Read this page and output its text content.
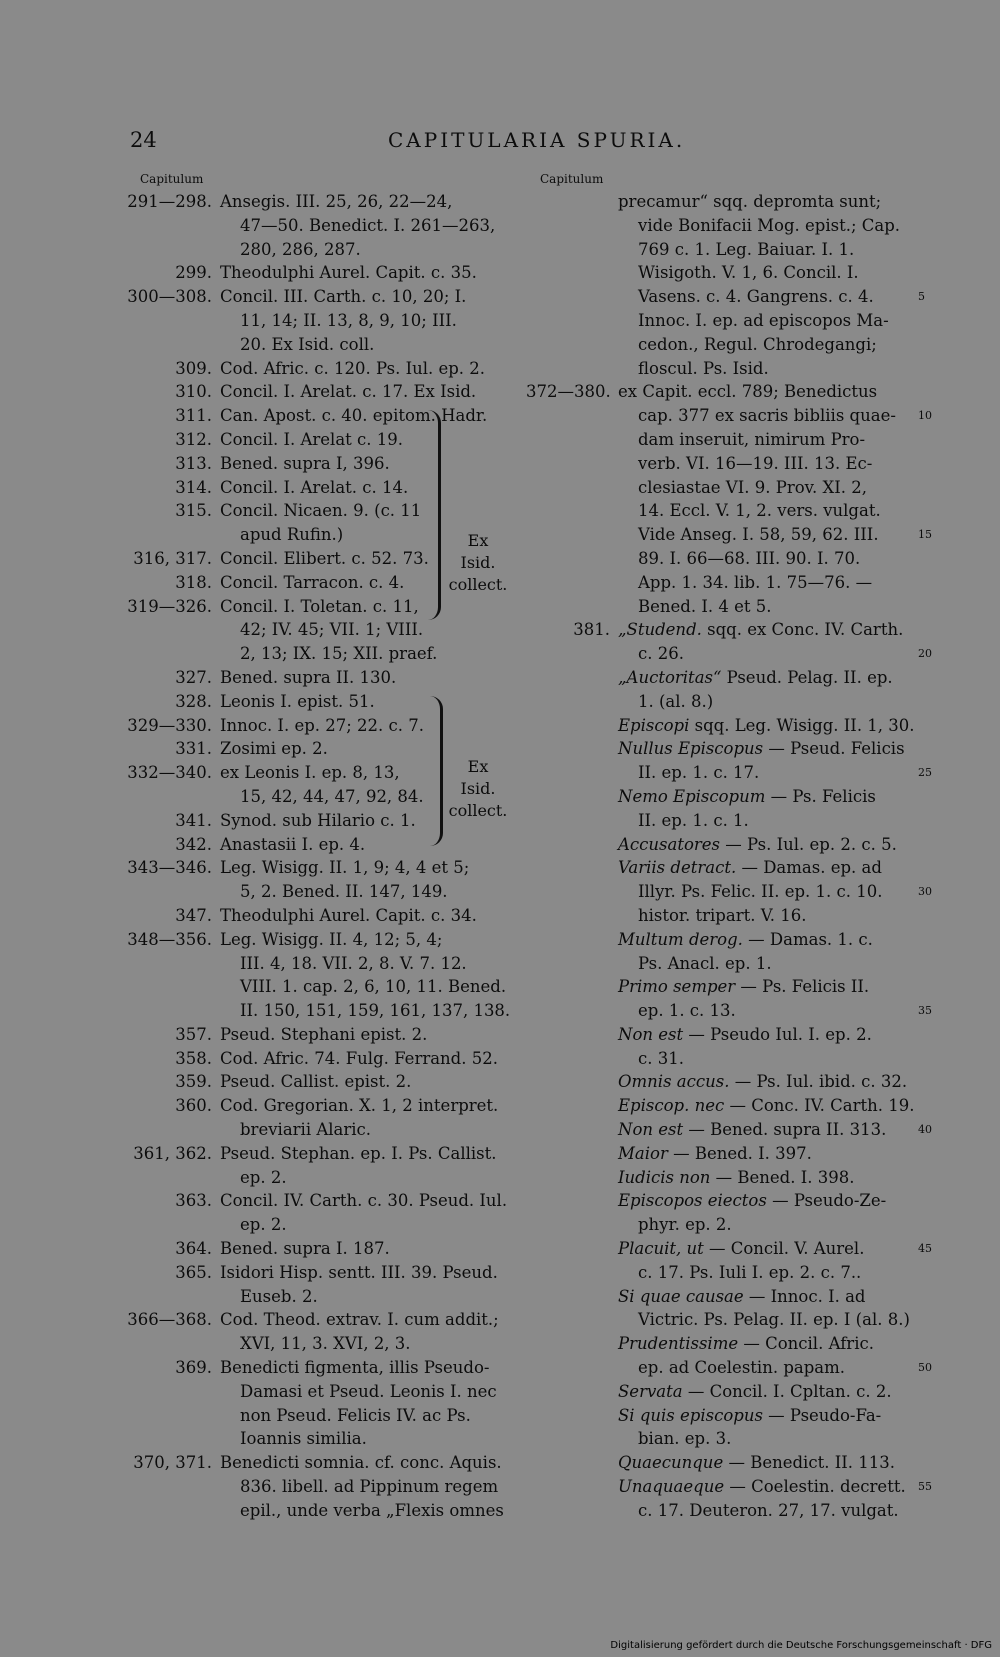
24	CAPITULARIA SPURIA.
Capitulum	Capitulum
291—298. Ansegis. III. 25, 26, 22—24,
47—50. Benedict. I. 261—263,
280, 286, 287.
299. Theodulphi Aurel. Capit. c. 35.
300—308. Concil. III. Carth. c. 10, 20; I.
11, 14; II. 13, 8, 9, 10; III.
20. Ex Isid. coll.
309. Cod. Afric. c. 120. Ps. Iul. ep. 2.
310. Concil. I. Arelat. c. 17. Ex Isid.
311. Can. Apost. c. 40. epitom. Hadr.
312. Concil. I. Arelat c. 19.
313. Bened. supra I, 396.
314. Concil. I. Arelat. c. 14.
315. Concil. Nicaen. 9. (c. 11
apud Rufin.)
316, 317. Concil. Elibert. c. 52. 73.
318. Concil. Tarracon. c. 4.
319—326. Concil. I. Toletan. c. 11,
42; IV. 45; VII. 1; VIII.
2, 13; IX. 15; XII. praef.
327. Bened. supra II. 130.
328. Leonis I. epist. 51.
329—330. Innoc. I. ep. 27; 22. c. 7.
331. Zosimi ep. 2.
332—340. ex Leonis I. ep. 8, 13,
15, 42, 44, 47, 92, 84.
341. Synod. sub Hilario c. 1.
342. Anastasii I. ep. 4.
343—346. Leg. Wisigg. II. 1, 9; 4, 4 et 5;
5, 2. Bened. II. 147, 149.
347. Theodulphi Aurel. Capit. c. 34.
348—356. Leg. Wisigg. II. 4, 12; 5, 4;
III. 4, 18. VII. 2, 8. V. 7. 12.
VIII. 1. cap. 2, 6, 10, 11. Bened.
II. 150, 151, 159, 161, 137, 138.
357. Pseud. Stephani epist. 2.
358. Cod. Afric. 74. Fulg. Ferrand. 52.
359. Pseud. Callist. epist. 2.
360. Cod. Gregorian. X. 1, 2 interpret.
breviarii Alaric.
361, 362. Pseud. Stephan. ep. I. Ps. Callist.
ep. 2.
363. Concil. IV. Carth. c. 30. Pseud. Iul.
ep. 2.
364. Bened. supra I. 187.
365. Isidori Hisp. sentt. III. 39. Pseud.
Euseb. 2.
366—368. Cod. Theod. extrav. I. cum addit.;
XVI, 11, 3. XVI, 2, 3.
369. Benedicti figmenta, illis Pseudo-
Damasi et Pseud. Leonis I. nec
non Pseud. Felicis IV. ac Ps.
Ioannis similia.
370, 371. Benedicti somnia. cf. conc. Aquis.
836. libell. ad Pippinum regem
epil., unde verba „Flexis omnes
precamur“ sqq. depromta sunt;
vide Bonifacii Mog. epist.; Cap.
769 c. 1. Leg. Baiuar. I. 1.
Wisigoth. V. 1, 6. Concil. I.
Vasens. c. 4. Gangrens. c. 4.
Innoc. I. ep. ad episcopos Ma-
cedon., Regul. Chrodegangi;
floscul. Ps. Isid.
372—380. ex Capit. eccl. 789; Benedictus
cap. 377 ex sacris bibliis quae-
dam inseruit, nimirum Pro-
verb. VI. 16—19. III. 13. Ec-
clesiastae VI. 9. Prov. XI. 2,
14. Eccl. V. 1, 2. vers. vulgat.
Vide Anseg. I. 58, 59, 62. III.
89. I. 66—68. III. 90. I. 70.
App. 1. 34. lib. 1. 75—76. —
Bened. I. 4 et 5.
381. „Studend. sqq. ex Conc. IV. Carth.
c. 26.
„Auctoritas“ Pseud. Pelag. II. ep.
1. (al. 8.)
Episcopi sqq. Leg. Wisigg. II. 1, 30.
Nullus Episcopus — Pseud. Felicis
II. ep. 1. c. 17.
Nemo Episcopum — Ps. Felicis
II. ep. 1. c. 1.
Accusatores — Ps. Iul. ep. 2. c. 5.
Variis detract. — Damas. ep. ad
Illyr. Ps. Felic. II. ep. 1. c. 10.
histor. tripart. V. 16.
Multum derog. — Damas. 1. c.
Ps. Anacl. ep. 1.
Primo semper — Ps. Felicis II.
ep. 1. c. 13.
Non est — Pseudo Iul. I. ep. 2.
c. 31.
Omnis accus. — Ps. Iul. ibid. c. 32.
Episcop. nec — Conc. IV. Carth. 19.
Non est — Bened. supra II. 313.
Maior — Bened. I. 397.
Iudicis non — Bened. I. 398.
Episcopos eiectos — Pseudo-Ze-
phyr. ep. 2.
Placuit, ut — Concil. V. Aurel.
c. 17. Ps. Iuli I. ep. 2. c. 7..
Si quae causae — Innoc. I. ad
Victric. Ps. Pelag. II. ep. I (al. 8.)
Prudentissime — Concil. Afric.
ep. ad Coelestin. papam.
Servata — Concil. I. Cpltan. c. 2.
Si quis episcopus — Pseudo-Fa-
bian. ep. 3.
Quaecunque — Benedict. II. 113.
Unaquaeque — Coelestin. decrett.
c. 17. Deuteron. 27, 17. vulgat.
5
10
15
20
25
30
35
40
45
50
55
Ex
Isid.
collect.
Ex
Isid.
collect.
Digitalisierung gefördert durch die Deutsche Forschungsgemeinschaft · DFG
